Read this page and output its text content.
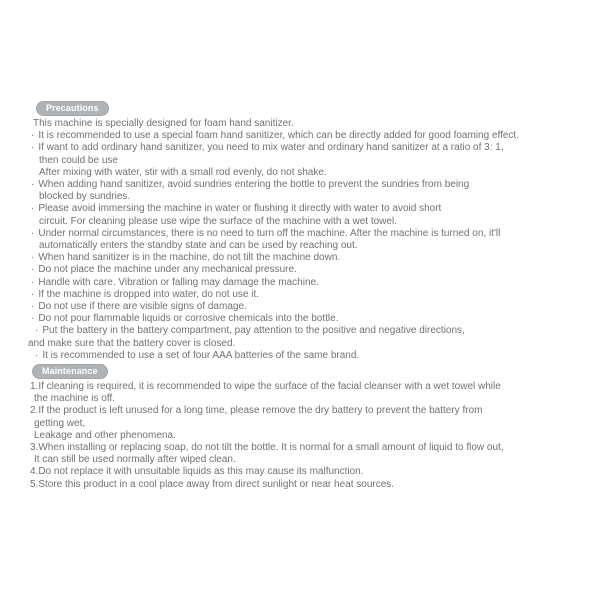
Precautions
This machine is specially designed for foam hand sanitizer.
· It is recommended to use a special foam hand sanitizer, which can be directly added for good foaming effect.
· If want to add ordinary hand sanitizer, you need to mix water and ordinary hand sanitizer at a ratio of 3: 1,
then could be use
After mixing with water, stir with a small rod evenly, do not shake.
· When adding hand sanitizer, avoid sundries entering the bottle to prevent the sundries from being
blocked by sundries.
· Please avoid immersing the machine in water or flushing it directly with water to avoid short
circuit. For cleaning please use wipe the surface of the machine with a wet towel.
· Under normal circumstances, there is no need to turn off the machine. After the machine is turned on, it'll
automatically enters the standby state and can be used by reaching out.
· When hand sanitizer is in the machine, do not tilt the machine down.
· Do not place the machine under any mechanical pressure.
· Handle with care. Vibration or falling may damage the machine.
· If the machine is dropped into water, do not use it.
· Do not use if there are visible signs of damage.
· Do not pour flammable liquids or corrosive chemicals into the bottle.
· Put the battery in the battery compartment, pay attention to the positive and negative directions,
and make sure that the battery cover is closed.
· It is recommended to use a set of four AAA batteries of the same brand.
Maintenance
1.If cleaning is required, it is recommended to wipe the surface of the facial cleanser with a wet towel while
the machine is off.
2.If the product is left unused for a long time, please remove the dry battery to prevent the battery from
getting wet,
Leakage and other phenomena.
3.When installing or replacing soap, do not tilt the bottle. It is normal for a small amount of liquid to flow out,
It can still be used normally after wiped clean.
4.Do not replace it with unsuitable liquids as this may cause its malfunction.
5.Store this product in a cool place away from direct sunlight or near heat sources.
